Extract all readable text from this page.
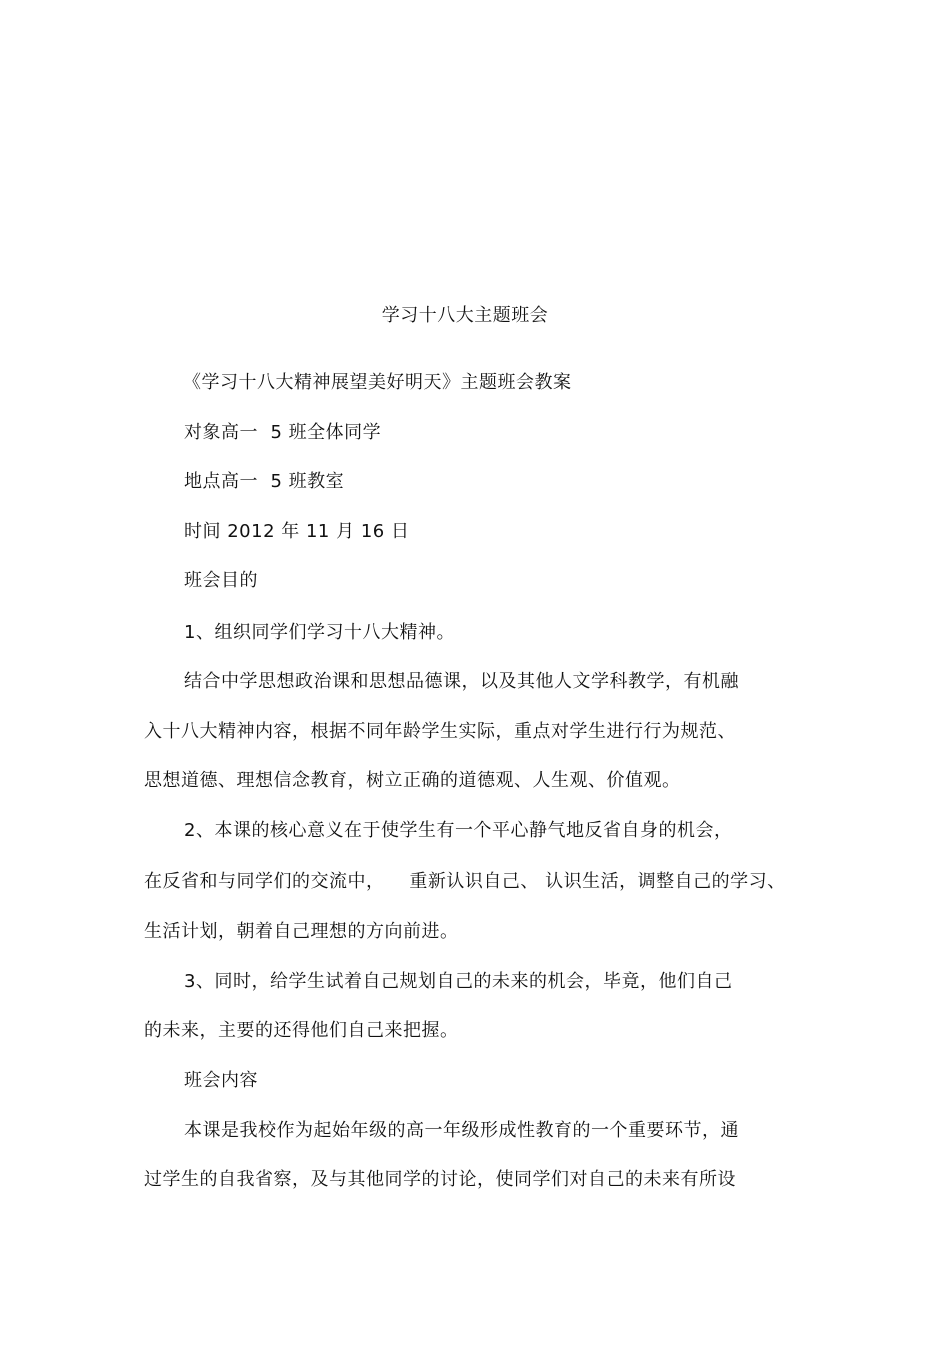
学习十八大主题班会
《学习十八大精神展望美好明天》主题班会教案
对象高一  5 班全体同学
地点高一  5 班教室
时间 2012 年 11 月 16 日
班会目的
1、组织同学们学习十八大精神。
结合中学思想政治课和思想品德课，以及其他人文学科教学，有机融
入十八大精神内容，根据不同年龄学生实际，重点对学生进行行为规范、
思想道德、理想信念教育，树立正确的道德观、人生观、价值观。
2、本课的核心意义在于使学生有一个平心静气地反省自身的机会，
在反省和与同学们的交流中，    重新认识自己、 认识生活，调整自己的学习、
生活计划，朝着自己理想的方向前进。
3、同时，给学生试着自己规划自己的未来的机会，毕竟，他们自己
的未来，主要的还得他们自己来把握。
班会内容
本课是我校作为起始年级的高一年级形成性教育的一个重要环节，通
过学生的自我省察，及与其他同学的讨论，使同学们对自己的未来有所设
